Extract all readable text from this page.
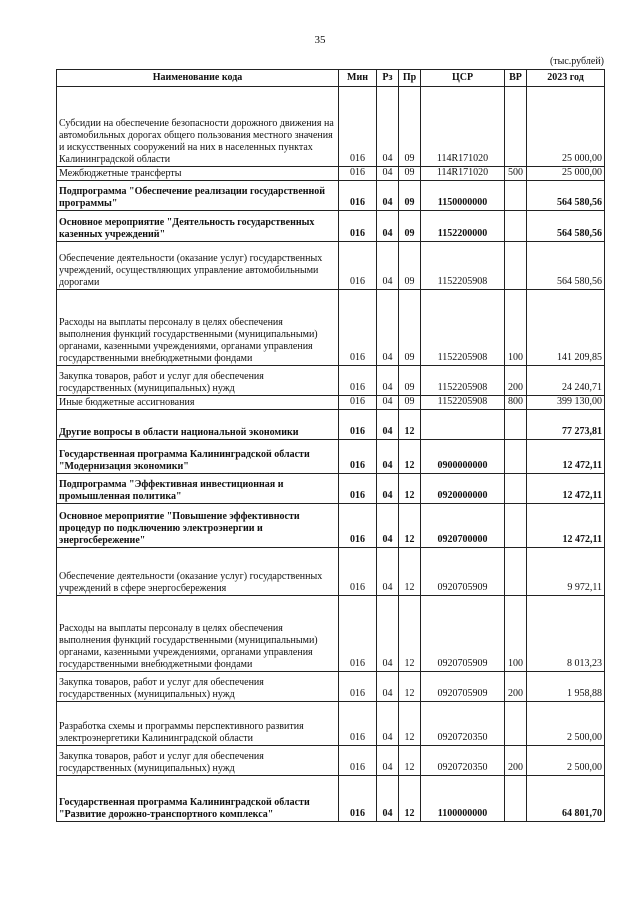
35
(тыс.рублей)
Наименование кода	Мин	Рз	Пр	ЦСР	ВР	2023 год
Субсидии на обеспечение безопасности дорожного движения на автомобильных дорогах общего пользования местного значения и искусственных сооружений на них в населенных пунктах Калининградской области	016	04	09	114R171020		25 000,00
Межбюджетные трансферты	016	04	09	114R171020	500	25 000,00
Подпрограмма "Обеспечение реализации государственной программы"	016	04	09	1150000000		564 580,56
Основное мероприятие "Деятельность государственных казенных учреждений"	016	04	09	1152200000		564 580,56
Обеспечение деятельности (оказание услуг) государственных учреждений, осуществляющих управление автомобильными дорогами	016	04	09	1152205908		564 580,56
Расходы на выплаты персоналу в целях обеспечения выполнения функций государственными (муниципальными) органами, казенными учреждениями, органами управления государственными внебюджетными фондами	016	04	09	1152205908	100	141 209,85
Закупка товаров, работ и услуг для обеспечения государственных (муниципальных) нужд	016	04	09	1152205908	200	24 240,71
Иные бюджетные ассигнования	016	04	09	1152205908	800	399 130,00
Другие вопросы в области национальной экономики	016	04	12			77 273,81
Государственная программа Калининградской области "Модернизация экономики"	016	04	12	0900000000		12 472,11
Подпрограмма "Эффективная инвестиционная и промышленная политика"	016	04	12	0920000000		12 472,11
Основное мероприятие "Повышение эффективности процедур по подключению электроэнергии и энергосбережение"	016	04	12	0920700000		12 472,11
Обеспечение деятельности (оказание услуг) государственных учреждений в сфере энергосбережения	016	04	12	0920705909		9 972,11
Расходы на выплаты персоналу в целях обеспечения выполнения функций государственными (муниципальными) органами, казенными учреждениями, органами управления государственными внебюджетными фондами	016	04	12	0920705909	100	8 013,23
Закупка товаров, работ и услуг для обеспечения государственных (муниципальных) нужд	016	04	12	0920705909	200	1 958,88
Разработка схемы и программы перспективного развития электроэнергетики Калининградской области	016	04	12	0920720350		2 500,00
Закупка товаров, работ и услуг для обеспечения государственных (муниципальных) нужд	016	04	12	0920720350	200	2 500,00
Государственная программа Калининградской области "Развитие дорожно-транспортного комплекса"	016	04	12	1100000000		64 801,70
